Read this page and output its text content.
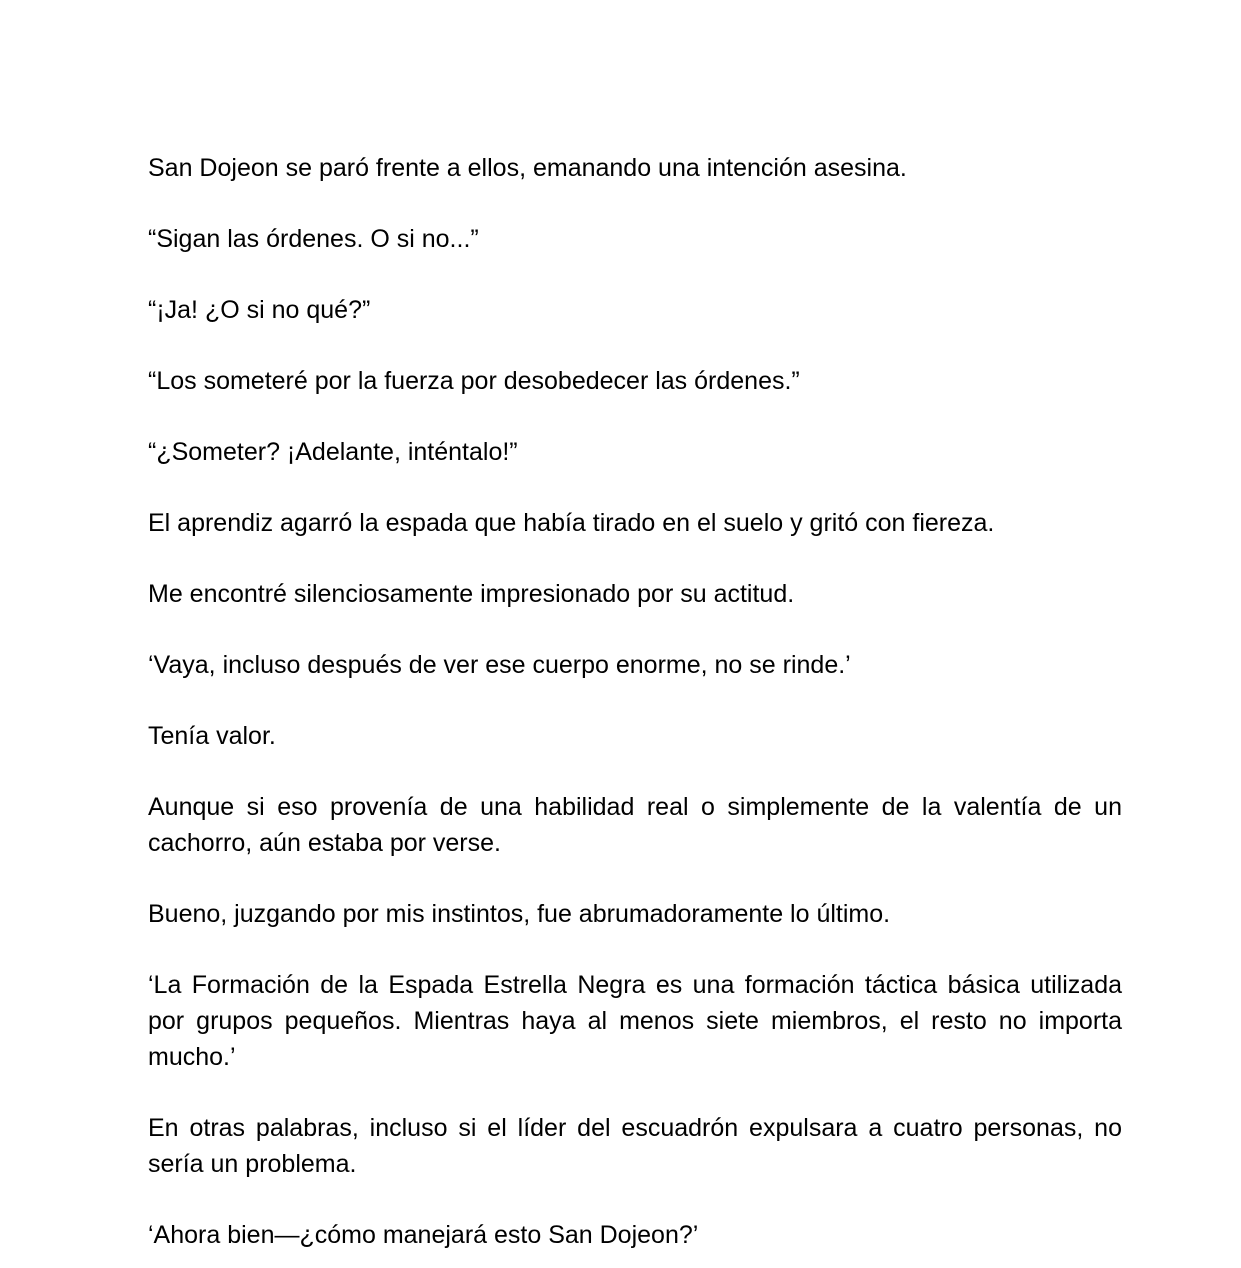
San Dojeon se paró frente a ellos, emanando una intención asesina.

“Sigan las órdenes. O si no...”

“¡Ja! ¿O si no qué?”

“Los someteré por la fuerza por desobedecer las órdenes.”

“¿Someter? ¡Adelante, inténtalo!”

El aprendiz agarró la espada que había tirado en el suelo y gritó con fiereza.

Me encontré silenciosamente impresionado por su actitud.

‘Vaya, incluso después de ver ese cuerpo enorme, no se rinde.’

Tenía valor.

Aunque si eso provenía de una habilidad real o simplemente de la valentía de un cachorro, aún estaba por verse.

Bueno, juzgando por mis instintos, fue abrumadoramente lo último.

‘La Formación de la Espada Estrella Negra es una formación táctica básica utilizada por grupos pequeños. Mientras haya al menos siete miembros, el resto no importa mucho.’

En otras palabras, incluso si el líder del escuadrón expulsara a cuatro personas, no sería un problema.

‘Ahora bien—¿cómo manejará esto San Dojeon?’
